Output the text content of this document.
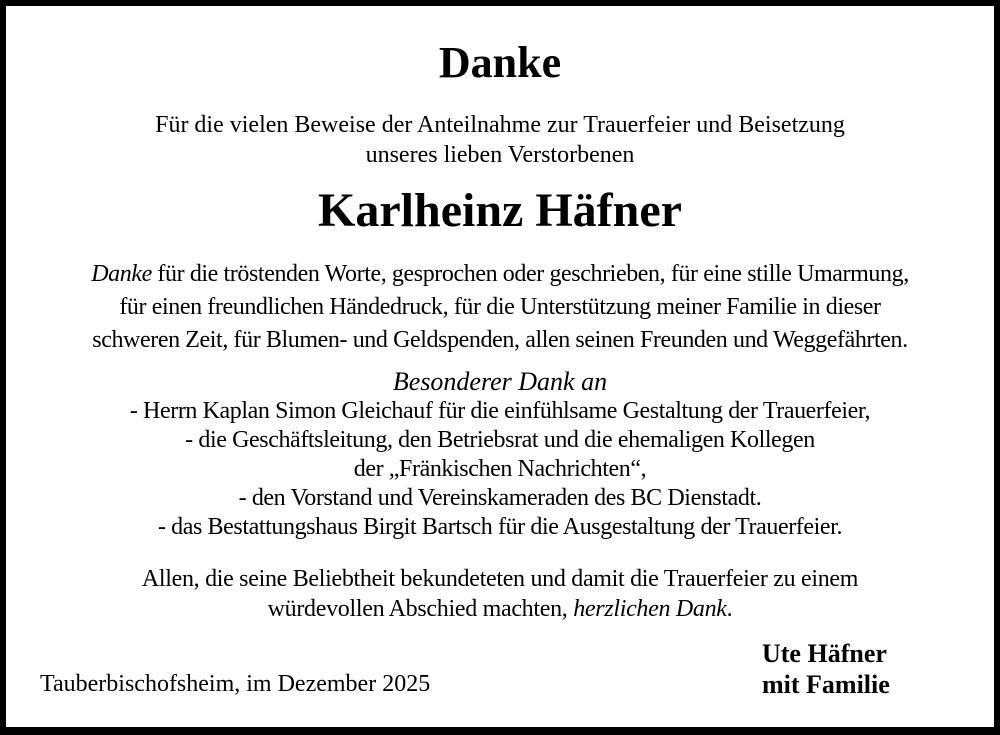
Danke
Für die vielen Beweise der Anteilnahme zur Trauerfeier und Beisetzung
unseres lieben Verstorbenen
Karlheinz Häfner
Danke für die tröstenden Worte, gesprochen oder geschrieben, für eine stille Umarmung,
für einen freundlichen Händedruck, für die Unterstützung meiner Familie in dieser
schweren Zeit, für Blumen- und Geldspenden, allen seinen Freunden und Weggefährten.
Besonderer Dank an
- Herrn Kaplan Simon Gleichauf für die einfühlsame Gestaltung der Trauerfeier,
- die Geschäftsleitung, den Betriebsrat und die ehemaligen Kollegen
der „Fränkischen Nachrichten“,
- den Vorstand und Vereinskameraden des BC Dienstadt.
- das Bestattungshaus Birgit Bartsch für die Ausgestaltung der Trauerfeier.
Allen, die seine Beliebtheit bekundeteten und damit die Trauerfeier zu einem
würdevollen Abschied machten, herzlichen Dank.
Ute Häfner
mit Familie
Tauberbischofsheim, im Dezember 2025
